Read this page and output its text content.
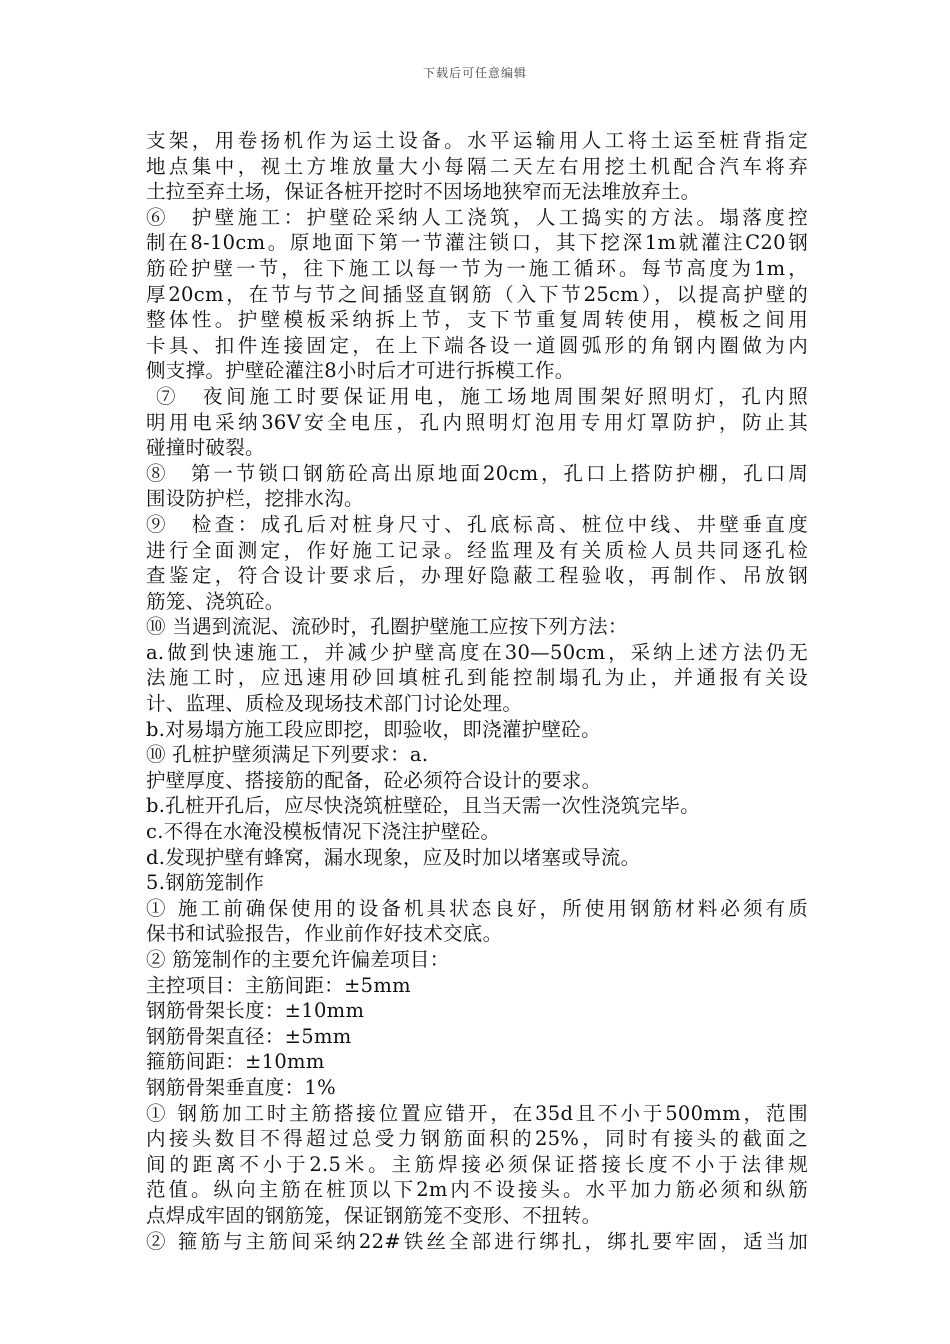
下载后可任意编辑
支架，用卷扬机作为运土设备。水平运输用人工将土运至桩背指定
地点集中，视土方堆放量大小每隔二天左右用挖土机配合汽车将弃
土拉至弃土场，保证各桩开挖时不因场地狭窄而无法堆放弃土。
⑥　护壁施工：护壁砼采纳人工浇筑，人工捣实的方法。塌落度控
制在8-10cm。原地面下第一节灌注锁口，其下挖深1m就灌注C20钢
筋砼护壁一节，往下施工以每一节为一施工循环。每节高度为1m，
厚20cm，在节与节之间插竖直钢筋（入下节25cm），以提高护壁的
整体性。护壁模板采纳拆上节，支下节重复周转使用，模板之间用
卡具、扣件连接固定，在上下端各设一道圆弧形的角钢内圈做为内
侧支撑。护壁砼灌注8小时后才可进行拆模工作。
⑦　夜间施工时要保证用电，施工场地周围架好照明灯，孔内照
明用电采纳36V安全电压，孔内照明灯泡用专用灯罩防护，防止其
碰撞时破裂。
⑧　第一节锁口钢筋砼高出原地面20cm，孔口上搭防护棚，孔口周
围设防护栏，挖排水沟。
⑨　检查：成孔后对桩身尺寸、孔底标高、桩位中线、井壁垂直度
进行全面测定，作好施工记录。经监理及有关质检人员共同逐孔检
查鉴定，符合设计要求后，办理好隐蔽工程验收，再制作、吊放钢
筋笼、浇筑砼。
⑩ 当遇到流泥、流砂时，孔圈护壁施工应按下列方法：
a.做到快速施工，并减少护壁高度在30—50cm，采纳上述方法仍无
法施工时，应迅速用砂回填桩孔到能控制塌孔为止，并通报有关设
计、监理、质检及现场技术部门讨论处理。
b.对易塌方施工段应即挖，即验收，即浇灌护壁砼。
⑩ 孔桩护壁须满足下列要求：a.
护壁厚度、搭接筋的配备，砼必须符合设计的要求。
b.孔桩开孔后，应尽快浇筑桩壁砼，且当天需一次性浇筑完毕。
c.不得在水淹没模板情况下浇注护壁砼。
d.发现护壁有蜂窝，漏水现象，应及时加以堵塞或导流。
5.钢筋笼制作
① 施工前确保使用的设备机具状态良好，所使用钢筋材料必须有质
保书和试验报告，作业前作好技术交底。
② 筋笼制作的主要允许偏差项目：
主控项目：主筋间距：±5mm
钢筋骨架长度：±10mm
钢筋骨架直径：±5mm
箍筋间距：±10mm
钢筋骨架垂直度：1%
① 钢筋加工时主筋搭接位置应错开，在35d且不小于500mm，范围
内接头数目不得超过总受力钢筋面积的25%，同时有接头的截面之
间的距离不小于2.5米。主筋焊接必须保证搭接长度不小于法律规
范值。纵向主筋在桩顶以下2m内不设接头。水平加力筋必须和纵筋
点焊成牢固的钢筋笼，保证钢筋笼不变形、不扭转。
② 箍筋与主筋间采纳22#铁丝全部进行绑扎，绑扎要牢固，适当加
